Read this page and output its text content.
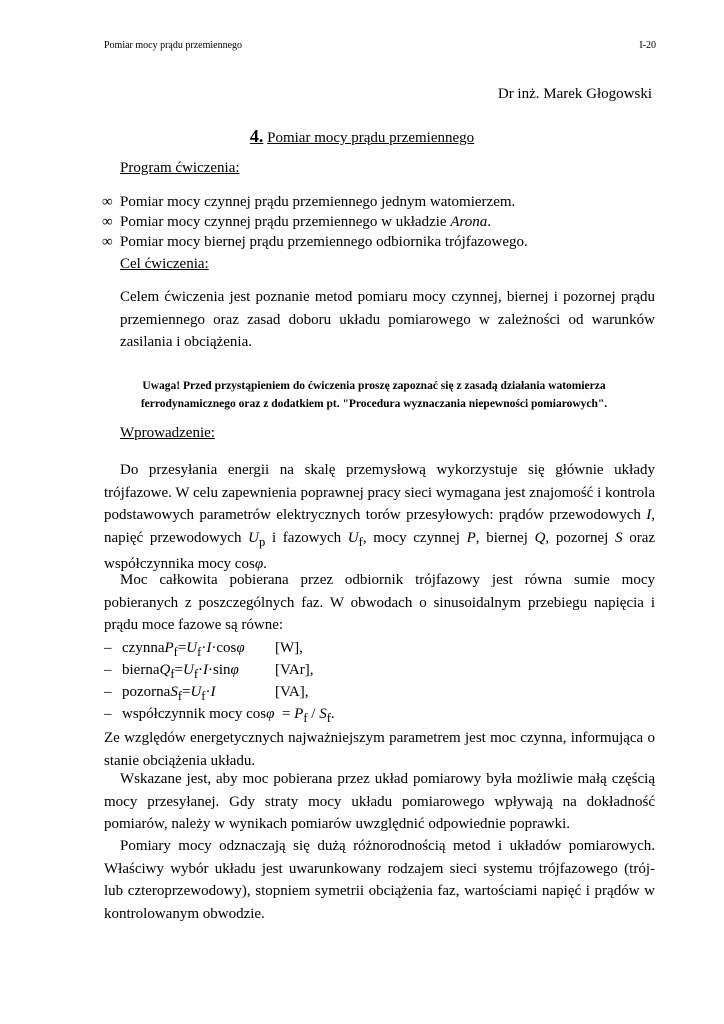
Pomiar mocy prądu przemiennego	I-20
Dr inż. Marek Głogowski
4. Pomiar mocy prądu przemiennego
Program ćwiczenia:
∞ Pomiar mocy czynnej prądu przemiennego jednym watomierzem.
∞ Pomiar mocy czynnej prądu przemiennego w układzie Arona.
∞ Pomiar mocy biernej prądu przemiennego odbiornika trójfazowego.
Cel ćwiczenia:
Celem ćwiczenia jest poznanie metod pomiaru mocy czynnej, biernej i pozornej prądu przemiennego oraz zasad doboru układu pomiarowego w zależności od warunków zasilania i obciążenia.
Uwaga! Przed przystąpieniem do ćwiczenia proszę zapoznać się z zasadą działania watomierza ferrodynamicznego oraz z dodatkiem pt. "Procedura wyznaczania niepewności pomiarowych".
Wprowadzenie:
Do przesyłania energii na skalę przemysłową wykorzystuje się głównie układy trójfazowe. W celu zapewnienia poprawnej pracy sieci wymagana jest znajomość i kontrola podstawowych parametrów elektrycznych torów przesyłowych: prądów przewodowych I, napięć przewodowych $U_p$ i fazowych $U_f$, mocy czynnej P, biernej Q, pozornej S oraz współczynnika mocy cosφ.
Moc całkowita pobierana przez odbiornik trójfazowy jest równa sumie mocy pobieranych z poszczególnych faz. W obwodach o sinusoidalnym przebiegu napięcia i prądu moce fazowe są równe:
– $czynnaP_f=U_f\cdot I\cdot\cos\varphi$ [W],
– $biernaQ_f=U_f\cdot I\cdot\sin\varphi$ [VAr],
– $pozornaS_f=U_f\cdot I$	[VA],
– współczynnik mocy $\cos\varphi = P_f / S_f$.
Ze względów energetycznych najważniejszym parametrem jest moc czynna, informująca o stanie obciążenia układu.
Wskazane jest, aby moc pobierana przez układ pomiarowy była możliwie małą częścią mocy przesyłanej. Gdy straty mocy układu pomiarowego wpływają na dokładność pomiarów, należy w wynikach pomiarów uwzględnić odpowiednie poprawki.
Pomiary mocy odznaczają się dużą różnorodnością metod i układów pomiarowych. Właściwy wybór układu jest uwarunkowany rodzajem sieci systemu trójfazowego (trój- lub czteroprzewodowy), stopniem symetrii obciążenia faz, wartościami napięć i prądów w kontrolowanym obwodzie.
